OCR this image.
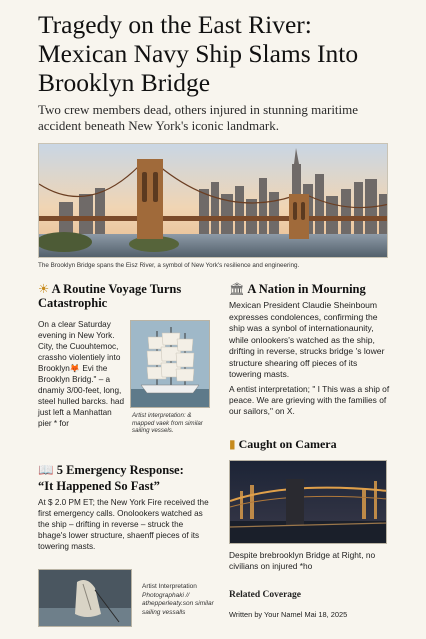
Tragedy on the East River: Mexican Navy Ship Slams Into Brooklyn Bridge

Two crew members dead, others injured in stunning maritime accident beneath New York's iconic landmark.

The Brooklyn Bridge spans the Eisz River, a symbol of New York's resilience and engineering.
☀ A Routine Voyage Turns Catastrophic
On a clear Saturday evening in New York. City, the Cuouhtemoc, crassho violentiely into Brooklyn🦊 Evi the Brooklyn Bridg." – a dnamiy 3/00-feet, long, steel hulled barcks. had just left a Manhattan pier * for
Artist interpretation: & mapped vaek from similar sailing vessels.
📖 5 Emergency Response:
“It Happened So Fast”
At $ 2.0 PM ET; the New York Fire received the first emergency calls. Onolookers watched as the ship – drifting in reverse – struck the bhage's lower structure, shaenff pieces of its towering masts.
Artist Interpretation
Photographaki // athepperleaty.son similar sailing vessalls
🏛 A Nation in Mourning
Mexican President Claudie Sheinboum expresses condolences, confirming the ship was a synbol of internationaunity, while onlookers's watched as the ship, drifting in reverse, strucks bridge 's lower structure shearing off pieces of its towering masts.
A entist interpretation; " I This was a ship of peace. We are grieving with the families of our sailors," on X.
▮ Caught on Camera
Despite brebrooklyn Bridge at Right, no civilians on injured *ho
Related Coverage
Written by Your Namel Mai 18, 2025
